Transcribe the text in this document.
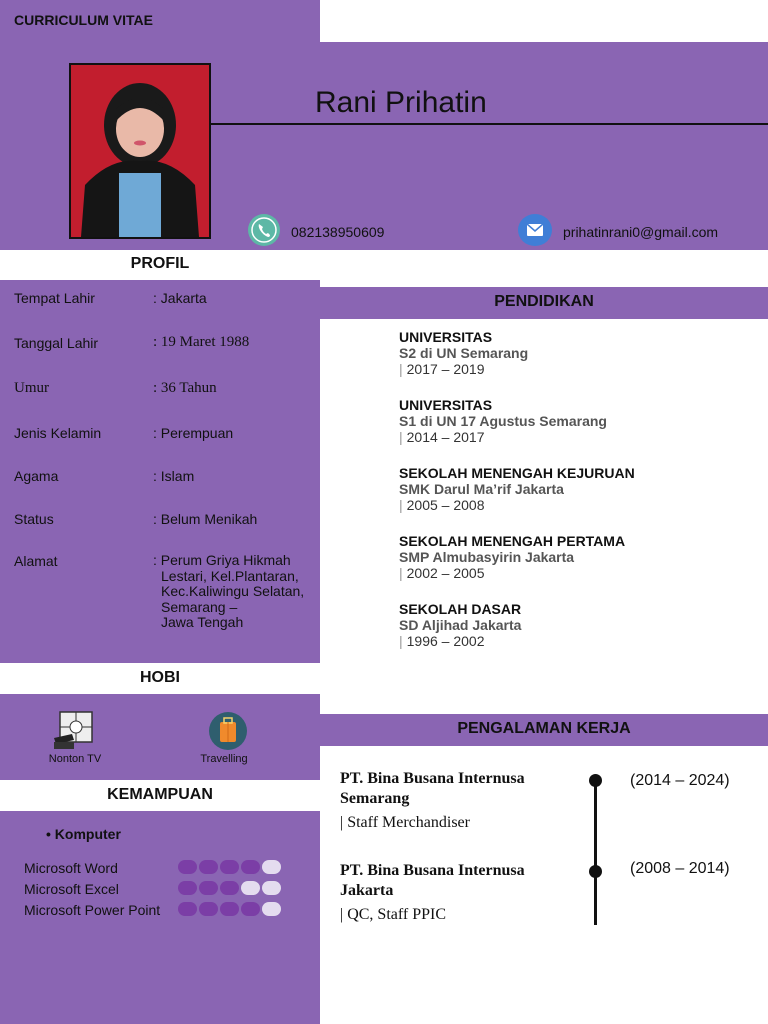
CURRICULUM VITAE
Rani Prihatin
082138950609	prihatinrani0@gmail.com
PROFIL
Tempat Lahir	: Jakarta
Tanggal Lahir	: 19 Maret 1988
Umur	: 36 Tahun
Jenis Kelamin	: Perempuan
Agama	: Islam
Status	: Belum Menikah
Alamat	: Perum Griya Hikmah
Lestari, Kel.Plantaran,
Kec.Kaliwingu Selatan,
Semarang –
Jawa Tengah
HOBI
Nonton TV	Travelling
KEMAMPUAN
• Komputer
Microsoft Word
Microsoft Excel
Microsoft Power Point
PENDIDIKAN
UNIVERSITAS
S2 di UN Semarang
| 2017 – 2019
UNIVERSITAS
S1 di UN 17 Agustus Semarang
| 2014 – 2017
SEKOLAH MENENGAH KEJURUAN
SMK Darul Ma’rif Jakarta
| 2005 – 2008
SEKOLAH MENENGAH PERTAMA
SMP Almubasyirin Jakarta
| 2002 – 2005
SEKOLAH DASAR
SD Aljihad Jakarta
| 1996 – 2002
PENGALAMAN KERJA
PT. Bina Busana Internusa
Semarang
| Staff Merchandiser
(2014 – 2024)
PT. Bina Busana Internusa
Jakarta
| QC, Staff PPIC
(2008 – 2014)
